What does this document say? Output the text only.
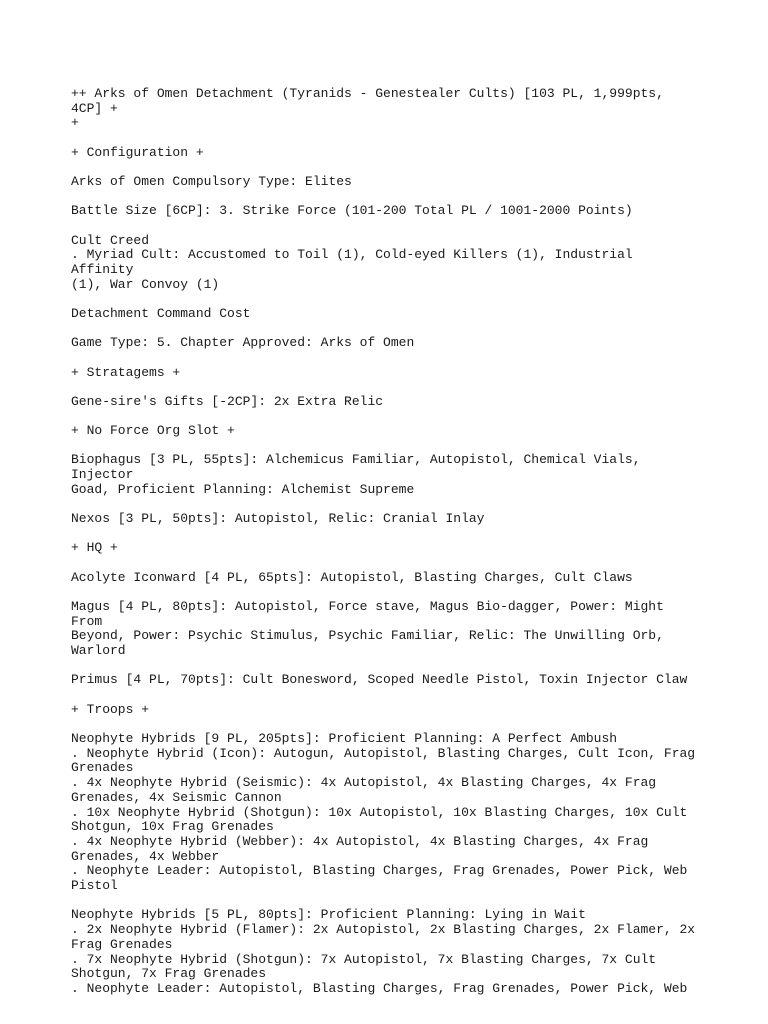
++ Arks of Omen Detachment (Tyranids - Genestealer Cults) [103 PL, 1,999pts, 4CP] +
+
+ Configuration +
Arks of Omen Compulsory Type: Elites
Battle Size [6CP]: 3. Strike Force (101-200 Total PL / 1001-2000 Points)
Cult Creed
. Myriad Cult: Accustomed to Toil (1), Cold-eyed Killers (1), Industrial Affinity
(1), War Convoy (1)
Detachment Command Cost
Game Type: 5. Chapter Approved: Arks of Omen
+ Stratagems +
Gene-sire's Gifts [-2CP]: 2x Extra Relic
+ No Force Org Slot +
Biophagus [3 PL, 55pts]: Alchemicus Familiar, Autopistol, Chemical Vials, Injector
Goad, Proficient Planning: Alchemist Supreme
Nexos [3 PL, 50pts]: Autopistol, Relic: Cranial Inlay
+ HQ +
Acolyte Iconward [4 PL, 65pts]: Autopistol, Blasting Charges, Cult Claws
Magus [4 PL, 80pts]: Autopistol, Force stave, Magus Bio-dagger, Power: Might From
Beyond, Power: Psychic Stimulus, Psychic Familiar, Relic: The Unwilling Orb,
Warlord
Primus [4 PL, 70pts]: Cult Bonesword, Scoped Needle Pistol, Toxin Injector Claw
+ Troops +
Neophyte Hybrids [9 PL, 205pts]: Proficient Planning: A Perfect Ambush
. Neophyte Hybrid (Icon): Autogun, Autopistol, Blasting Charges, Cult Icon, Frag
Grenades
. 4x Neophyte Hybrid (Seismic): 4x Autopistol, 4x Blasting Charges, 4x Frag
Grenades, 4x Seismic Cannon
. 10x Neophyte Hybrid (Shotgun): 10x Autopistol, 10x Blasting Charges, 10x Cult
Shotgun, 10x Frag Grenades
. 4x Neophyte Hybrid (Webber): 4x Autopistol, 4x Blasting Charges, 4x Frag
Grenades, 4x Webber
. Neophyte Leader: Autopistol, Blasting Charges, Frag Grenades, Power Pick, Web
Pistol
Neophyte Hybrids [5 PL, 80pts]: Proficient Planning: Lying in Wait
. 2x Neophyte Hybrid (Flamer): 2x Autopistol, 2x Blasting Charges, 2x Flamer, 2x
Frag Grenades
. 7x Neophyte Hybrid (Shotgun): 7x Autopistol, 7x Blasting Charges, 7x Cult
Shotgun, 7x Frag Grenades
. Neophyte Leader: Autopistol, Blasting Charges, Frag Grenades, Power Pick, Web
